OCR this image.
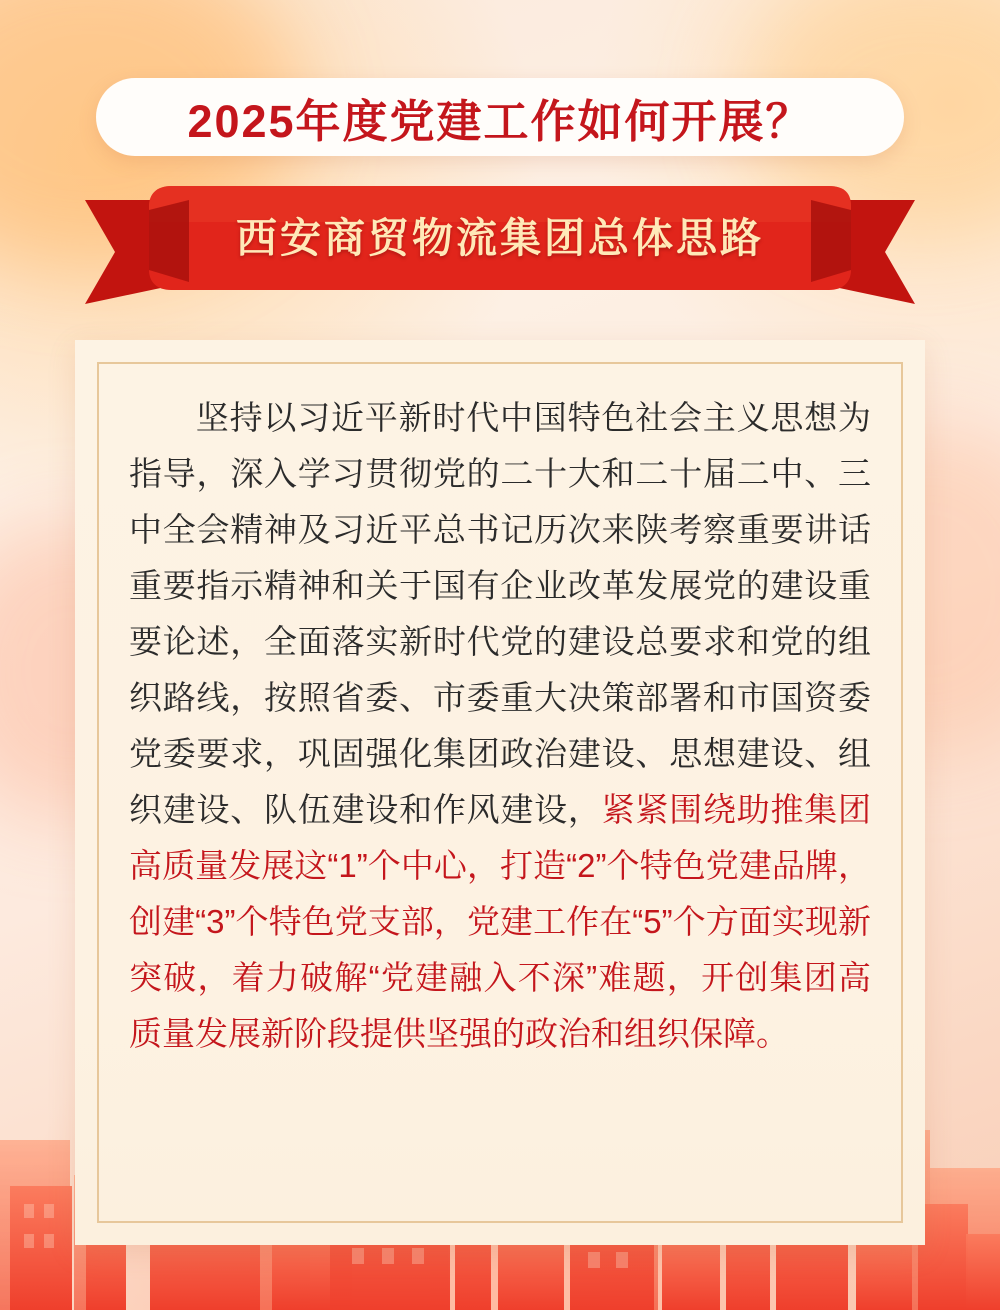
2025年度党建工作如何开展？
西安商贸物流集团总体思路
坚持以习近平新时代中国特色社会主义思想为指导，深入学习贯彻党的二十大和二十届二中、三中全会精神及习近平总书记历次来陕考察重要讲话重要指示精神和关于国有企业改革发展党的建设重要论述，全面落实新时代党的建设总要求和党的组织路线，按照省委、市委重大决策部署和市国资委党委要求，巩固强化集团政治建设、思想建设、组织建设、队伍建设和作风建设，紧紧围绕助推集团高质量发展这“1”个中心，打造“2”个特色党建品牌，创建“3”个特色党支部，党建工作在“5”个方面实现新突破，着力破解“党建融入不深”难题，开创集团高质量发展新阶段提供坚强的政治和组织保障。
